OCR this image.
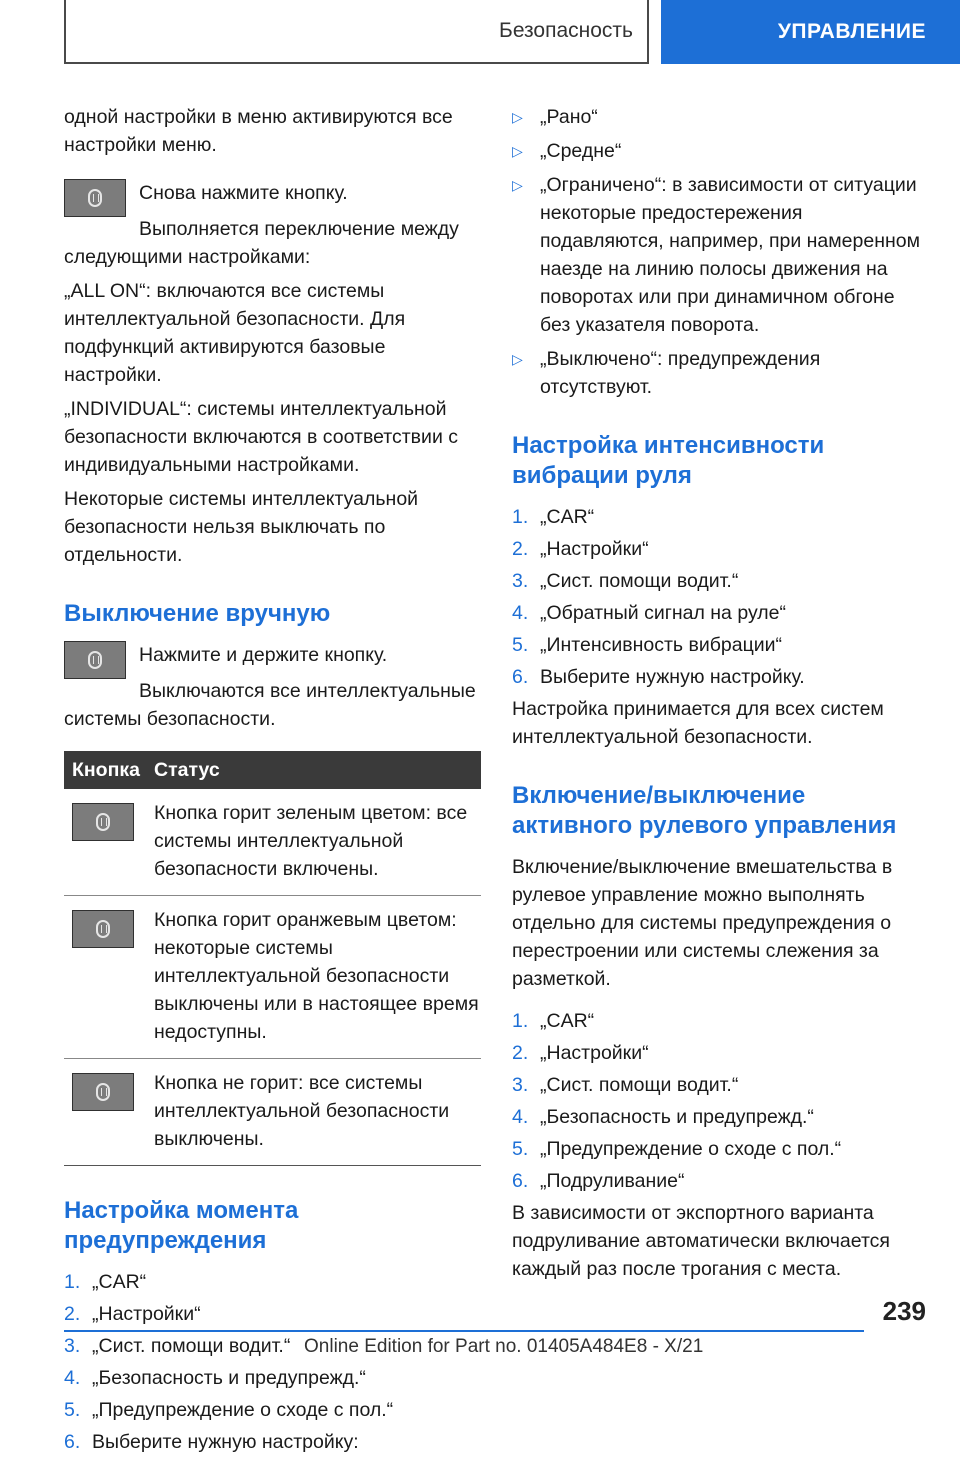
Безопасность	УПРАВЛЕНИЕ

одной настройки в меню активируются все настройки меню.

Снова нажмите кнопку.

Выполняется переключение между следующими настройками:

„ALL ON“: включаются все системы интеллектуальной безопасности. Для подфункций активируются базовые настройки.

„INDIVIDUAL“: системы интеллектуальной безопасности включаются в соответствии с индивидуальными настройками.

Некоторые системы интеллектуальной безопасности нельзя выключать по отдельности.

Выключение вручную

Нажмите и держите кнопку.

Выключаются все интеллектуальные системы безопасности.

Кнопка Статус
Кнопка горит зеленым цветом: все системы интеллектуальной безопасности включены.
Кнопка горит оранжевым цветом: некоторые системы интеллектуальной безопасности выключены или в настоящее время недоступны.
Кнопка не горит: все системы интеллектуальной безопасности выключены.
Настройка момента предупреждения
1. „CAR“
2. „Настройки“
3. „Сист. помощи водит.“
4. „Безопасность и предупрежд.“
5. „Предупреждение о сходе с пол.“
6. Выберите нужную настройку:
▷ „Рано“
▷ „Средне“
▷ „Ограничено“: в зависимости от ситуации некоторые предостережения подавляются, например, при намеренном наезде на линию полосы движения на поворотах или при динамичном обгоне без указателя поворота.
▷ „Выключено“: предупреждения отсутствуют.
Настройка интенсивности вибрации руля
1. „CAR“
2. „Настройки“
3. „Сист. помощи водит.“
4. „Обратный сигнал на руле“
5. „Интенсивность вибрации“
6. Выберите нужную настройку.

Настройка принимается для всех систем интеллектуальной безопасности.

Включение/выключение активного рулевого управления

Включение/выключение вмешательства в рулевое управление можно выполнять отдельно для системы предупреждения о перестроении или системы слежения за разметкой.

1. „CAR“
2. „Настройки“
3. „Сист. помощи водит.“
4. „Безопасность и предупрежд.“
5. „Предупреждение о сходе с пол.“
6. „Подруливание“

В зависимости от экспортного варианта подруливание автоматически включается каждый раз после трогания с места.

239
Online Edition for Part no. 01405A484E8 - X/21
